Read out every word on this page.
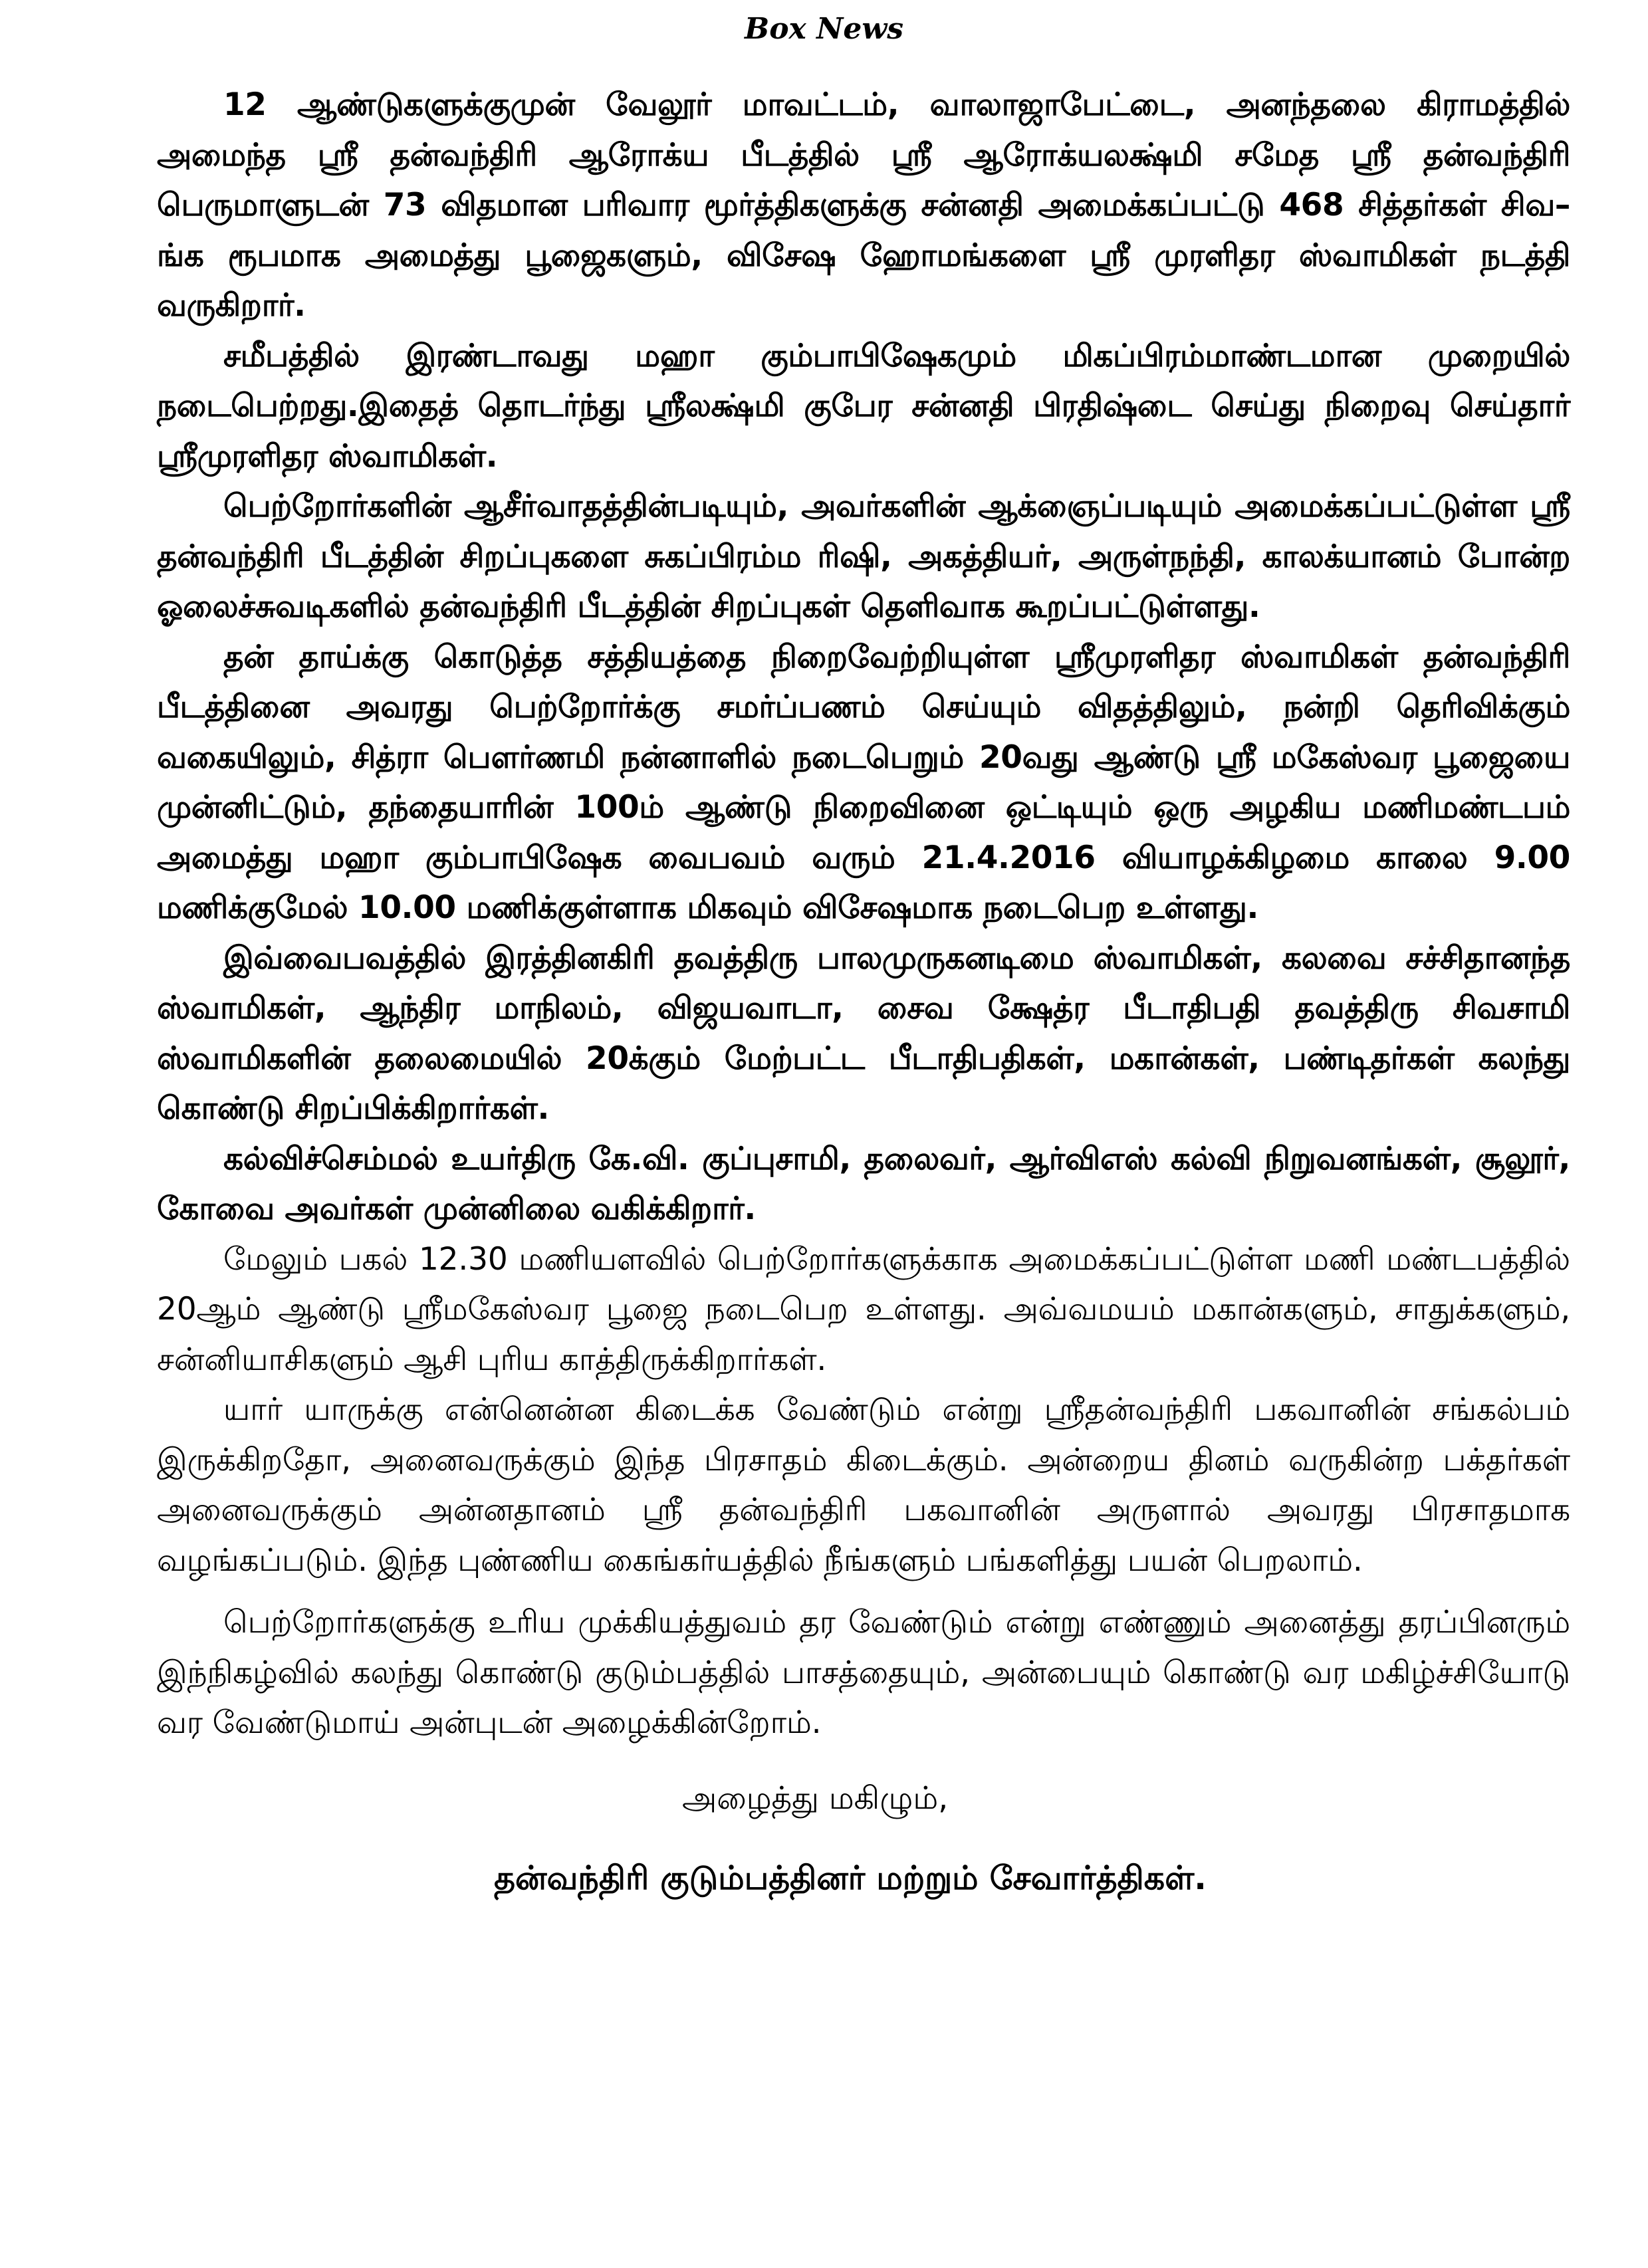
Box News

12 ஆண்டுகளுக்குமுன் வேலூர் மாவட்டம், வாலாஜாபேட்டை, அனந்தலை கிராமத்தில் அமைந்த ஸ்ரீ தன்வந்திரி ஆரோக்ய பீடத்தில் ஸ்ரீ ஆரோக்யலக்ஷ்மி சமேத ஸ்ரீ தன்வந்திரி பெருமாளுடன் 73 விதமான பரிவார மூர்த்திகளுக்கு சன்னதி அமைக்கப்பட்டு 468 சித்தர்கள் சிவ–ங்க ரூபமாக அமைத்து பூஜைகளும், விசேஷ ஹோமங்களை ஸ்ரீ முரளிதர ஸ்வாமிகள் நடத்தி வருகிறார்.

சமீபத்தில் இரண்டாவது மஹா கும்பாபிஷேகமும் மிகப்பிரம்மாண்டமான முறையில் நடைபெற்றது.இதைத் தொடர்ந்து ஸ்ரீலக்ஷ்மி குபேர சன்னதி பிரதிஷ்டை செய்து நிறைவு செய்தார் ஸ்ரீமுரளிதர ஸ்வாமிகள்.

பெற்றோர்களின் ஆசீர்வாதத்தின்படியும், அவர்களின் ஆக்ஞைப்படியும் அமைக்கப்பட்டுள்ள ஸ்ரீ தன்வந்திரி பீடத்தின் சிறப்புகளை சுகப்பிரம்ம ரிஷி, அகத்தியர், அருள்நந்தி, காலக்யானம் போன்ற ஓலைச்சுவடிகளில் தன்வந்திரி பீடத்தின் சிறப்புகள் தெளிவாக கூறப்பட்டுள்ளது.

தன் தாய்க்கு கொடுத்த சத்தியத்தை நிறைவேற்றியுள்ள ஸ்ரீமுரளிதர ஸ்வாமிகள் தன்வந்திரி பீடத்தினை அவரது பெற்றோர்க்கு சமர்ப்பணம் செய்யும் விதத்திலும், நன்றி தெரிவிக்கும் வகையிலும், சித்ரா பௌர்ணமி நன்னாளில் நடைபெறும் 20வது ஆண்டு ஸ்ரீ மகேஸ்வர பூஜையை முன்னிட்டும், தந்தையாரின் 100ம் ஆண்டு நிறைவினை ஒட்டியும் ஒரு அழகிய மணிமண்டபம் அமைத்து மஹா கும்பாபிஷேக வைபவம் வரும் 21.4.2016 வியாழக்கிழமை காலை 9.00 மணிக்குமேல் 10.00 மணிக்குள்ளாக மிகவும் விசேஷமாக நடைபெற உள்ளது.

இவ்வைபவத்தில் இரத்தினகிரி தவத்திரு பாலமுருகனடிமை ஸ்வாமிகள், கலவை சச்சிதானந்த ஸ்வாமிகள், ஆந்திர மாநிலம், விஜயவாடா, சைவ க்ஷேத்ர பீடாதிபதி தவத்திரு சிவசாமி ஸ்வாமிகளின் தலைமையில் 20க்கும் மேற்பட்ட பீடாதிபதிகள், மகான்கள், பண்டிதர்கள் கலந்து கொண்டு சிறப்பிக்கிறார்கள்.

கல்விச்செம்மல் உயர்திரு கே.வி. குப்புசாமி, தலைவர், ஆர்விஎஸ் கல்வி நிறுவனங்கள், சூலூர், கோவை அவர்கள் முன்னிலை வகிக்கிறார்.

மேலும் பகல் 12.30 மணியளவில் பெற்றோர்களுக்காக அமைக்கப்பட்டுள்ள மணி மண்டபத்தில் 20ஆம் ஆண்டு ஸ்ரீமகேஸ்வர பூஜை நடைபெற உள்ளது. அவ்வமயம் மகான்களும், சாதுக்களும், சன்னியாசிகளும் ஆசி புரிய காத்திருக்கிறார்கள்.

யார் யாருக்கு என்னென்ன கிடைக்க வேண்டும் என்று ஸ்ரீதன்வந்திரி பகவானின் சங்கல்பம் இருக்கிறதோ, அனைவருக்கும் இந்த பிரசாதம் கிடைக்கும். அன்றைய தினம் வருகின்ற பக்தர்கள் அனைவருக்கும் அன்னதானம் ஸ்ரீ தன்வந்திரி பகவானின் அருளால் அவரது பிரசாதமாக வழங்கப்படும். இந்த புண்ணிய கைங்கர்யத்தில் நீங்களும் பங்களித்து பயன் பெறலாம்.

பெற்றோர்களுக்கு உரிய முக்கியத்துவம் தர வேண்டும் என்று எண்ணும் அனைத்து தரப்பினரும் இந்நிகழ்வில் கலந்து கொண்டு குடும்பத்தில் பாசத்தையும், அன்பையும் கொண்டு வர மகிழ்ச்சியோடு வர வேண்டுமாய் அன்புடன் அழைக்கின்றோம்.

அழைத்து மகிழும்,

தன்வந்திரி குடும்பத்தினர் மற்றும் சேவார்த்திகள்.
